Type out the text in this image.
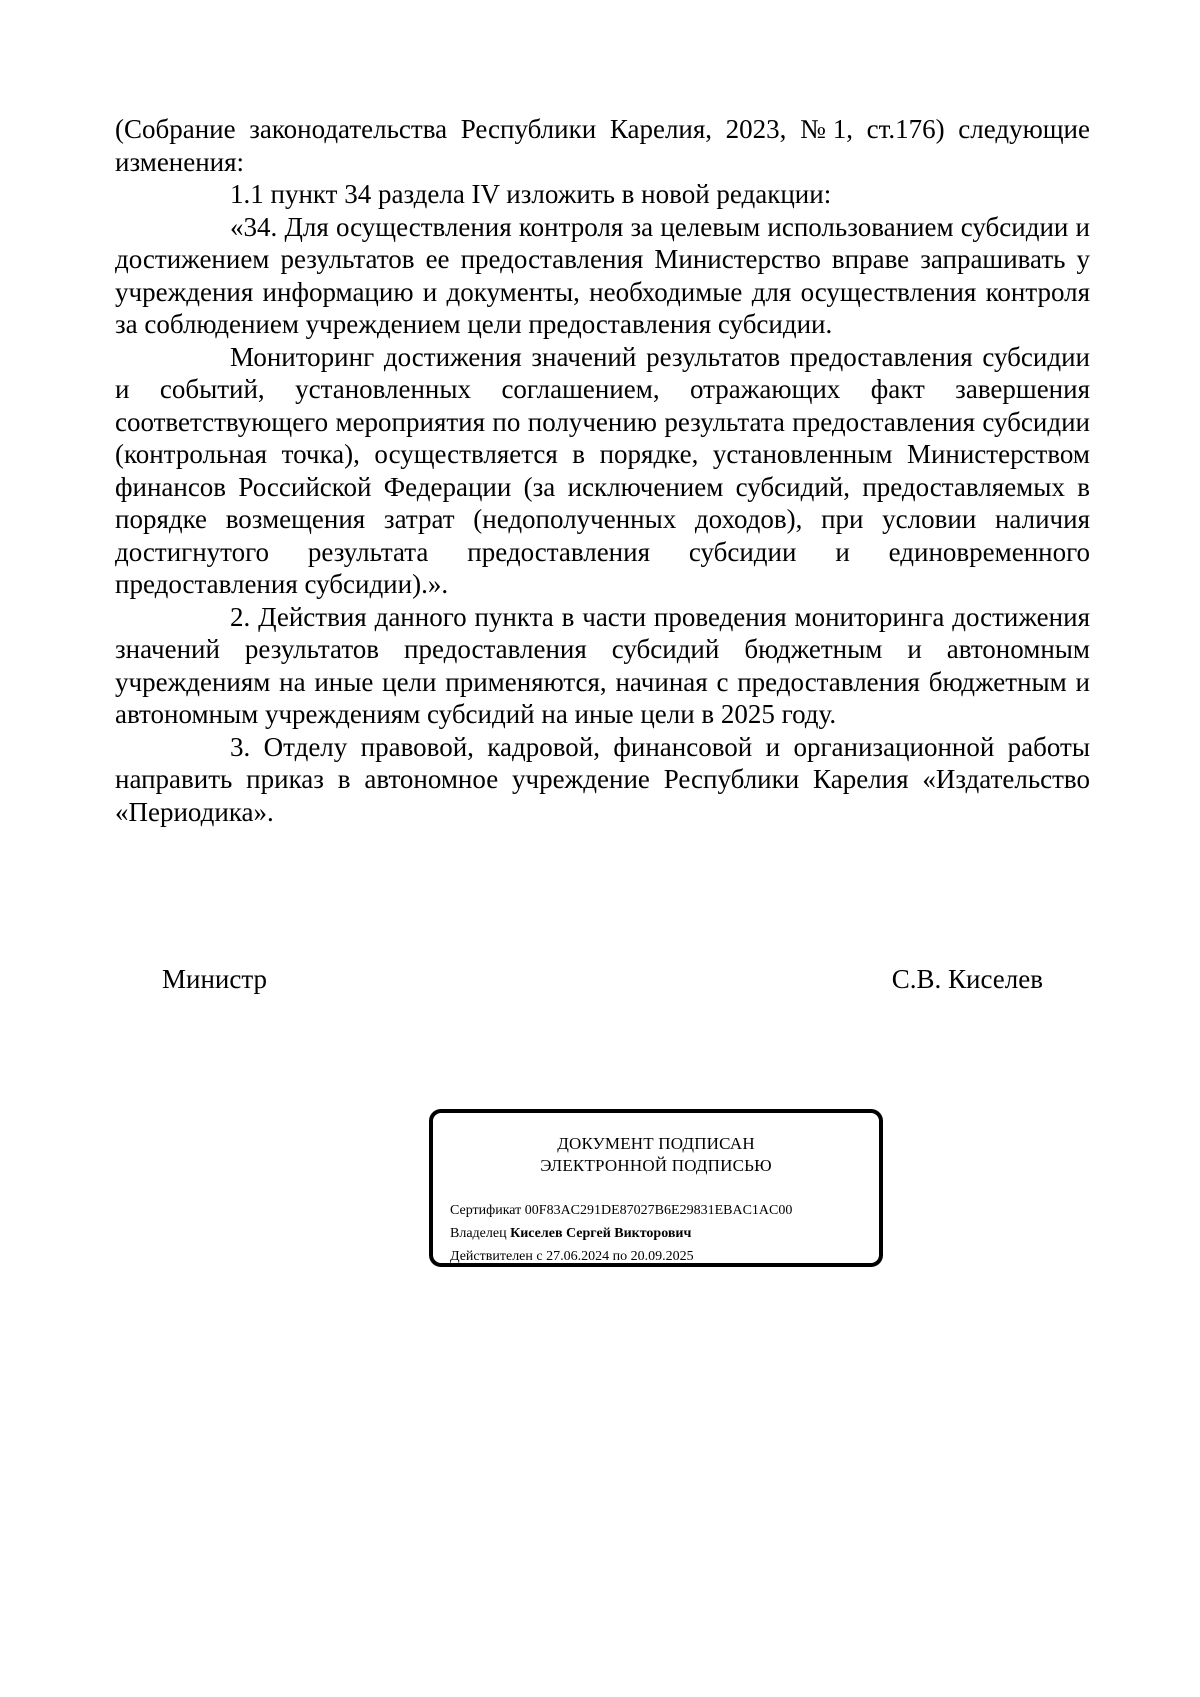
(Собрание законодательства Республики Карелия, 2023, №1, ст.176) следующие изменения:

1.1 пункт 34 раздела IV изложить в новой редакции:

«34. Для осуществления контроля за целевым использованием субсидии и достижением результатов ее предоставления Министерство вправе запрашивать у учреждения информацию и документы, необходимые для осуществления контроля за соблюдением учреждением цели предоставления субсидии.

Мониторинг достижения значений результатов предоставления субсидии и событий, установленных соглашением, отражающих факт завершения соответствующего мероприятия по получению результата предоставления субсидии (контрольная точка), осуществляется в порядке, установленным Министерством финансов Российской Федерации (за исключением субсидий, предоставляемых в порядке возмещения затрат (недополученных доходов), при условии наличия достигнутого результата предоставления субсидии и единовременного предоставления субсидии).».

2. Действия данного пункта в части проведения мониторинга достижения значений результатов предоставления субсидий бюджетным и автономным учреждениям на иные цели применяются, начиная с предоставления бюджетным и автономным учреждениям субсидий на иные цели в 2025 году.

3. Отделу правовой, кадровой, финансовой и организационной работы направить приказ в автономное учреждение Республики Карелия «Издательство «Периодика».

Министр	С.В. Киселев
ДОКУМЕНТ ПОДПИСАН
ЭЛЕКТРОННОЙ ПОДПИСЬЮ
Сертификат 00F83AC291DE87027B6E29831EBAC1AC00
Владелец Киселев Сергей Викторович
Действителен с 27.06.2024 по 20.09.2025
